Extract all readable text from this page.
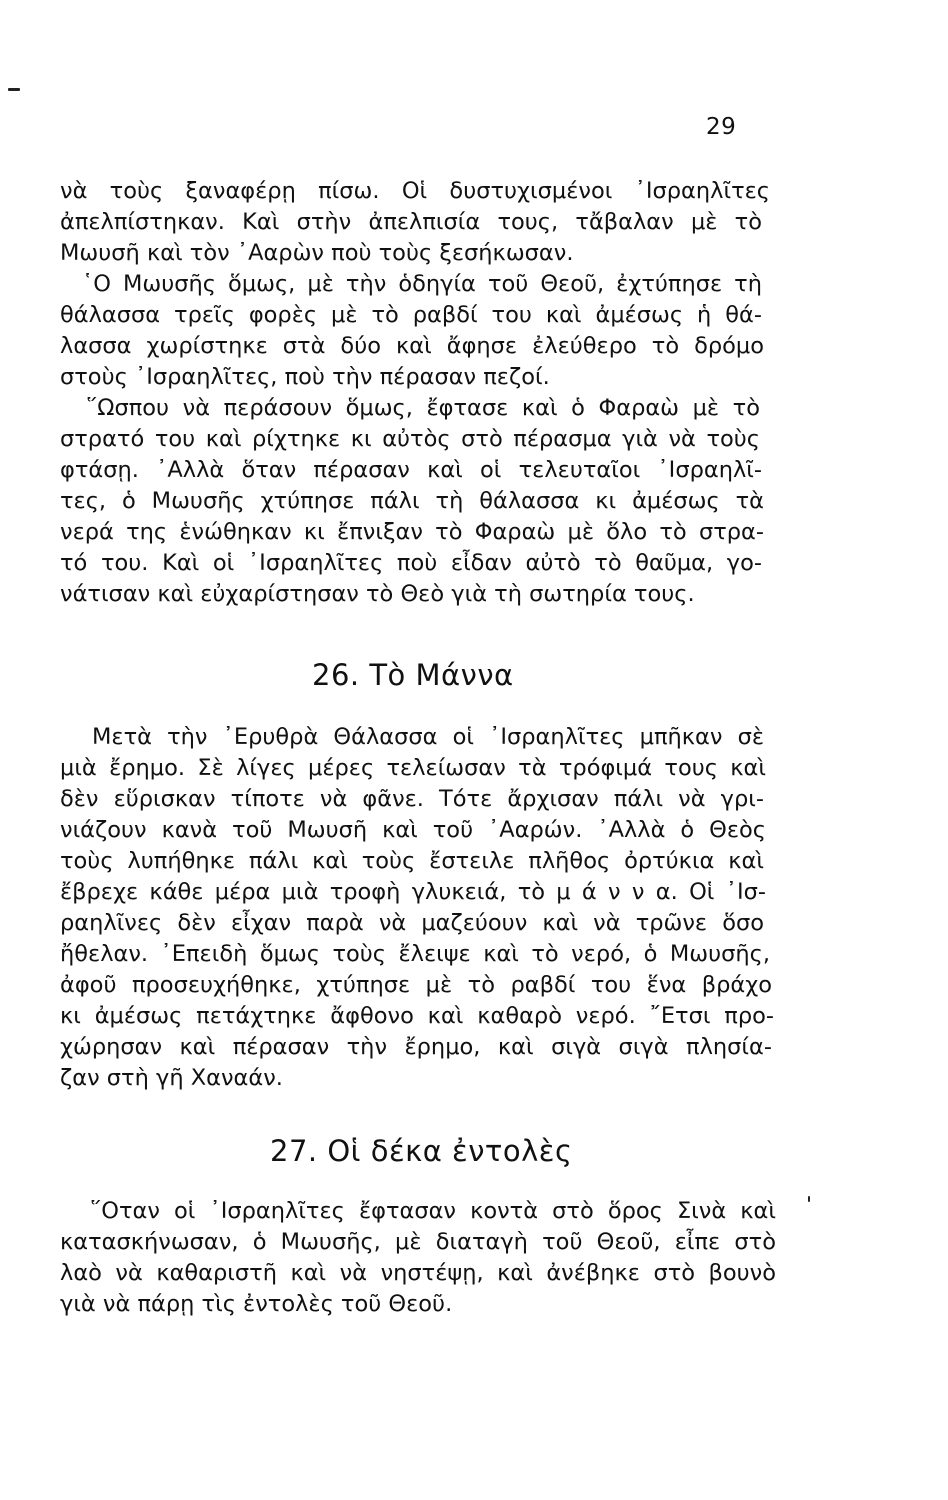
29
νὰ τοὺς ξαναφέρῃ πίσω. Οἱ δυστυχισμένοι ᾿Ισραηλῖτες
ἀπελπίστηκαν. Καὶ στὴν ἀπελπισία τους, τἄβαλαν μὲ τὸ
Μωυσῆ καὶ τὸν ᾿Ααρὼν ποὺ τοὺς ξεσήκωσαν.
῾Ο Μωυσῆς ὅμως, μὲ τὴν ὁδηγία τοῦ Θεοῦ, ἐχτύπησε τὴ
θάλασσα τρεῖς φορὲς μὲ τὸ ραβδί του καὶ ἀμέσως ἡ θά-
λασσα χωρίστηκε στὰ δύο καὶ ἄφησε ἐλεύθερο τὸ δρόμο
στοὺς ᾿Ισραηλῖτες, ποὺ τὴν πέρασαν πεζοί.
῞Ωσπου νὰ περάσουν ὅμως, ἔφτασε καὶ ὁ Φαραὼ μὲ τὸ
στρατό του καὶ ρίχτηκε κι αὐτὸς στὸ πέρασμα γιὰ νὰ τοὺς
φτάσῃ. ᾿Αλλὰ ὅταν πέρασαν καὶ οἱ τελευταῖοι ᾿Ισραηλῖ-
τες, ὁ Μωυσῆς χτύπησε πάλι τὴ θάλασσα κι ἀμέσως τὰ
νερά της ἑνώθηκαν κι ἔπνιξαν τὸ Φαραὼ μὲ ὅλο τὸ στρα-
τό του. Καὶ οἱ ᾿Ισραηλῖτες ποὺ εἶδαν αὐτὸ τὸ θαῦμα, γο-
νάτισαν καὶ εὐχαρίστησαν τὸ Θεὸ γιὰ τὴ σωτηρία τους.
26. Τὸ Μάννα
Μετὰ τὴν ᾿Ερυθρὰ Θάλασσα οἱ ᾿Ισραηλῖτες μπῆκαν σὲ
μιὰ ἔρημο. Σὲ λίγες μέρες τελείωσαν τὰ τρόφιμά τους καὶ
δὲν εὕρισκαν τίποτε νὰ φᾶνε. Τότε ἄρχισαν πάλι νὰ γρι-
νιάζουν κανὰ τοῦ Μωυσῆ καὶ τοῦ ᾿Ααρών. ᾿Αλλὰ ὁ Θεὸς
τοὺς λυπήθηκε πάλι καὶ τοὺς ἔστειλε πλῆθος ὀρτύκια καὶ
ἔβρεχε κάθε μέρα μιὰ τροφὴ γλυκειά, τὸ μ ά ν ν α. Οἱ ᾿Ισ-
ραηλῖνες δὲν εἶχαν παρὰ νὰ μαζεύουν καὶ νὰ τρῶνε ὅσο
ἤθελαν. ᾿Επειδὴ ὅμως τοὺς ἔλειψε καὶ τὸ νερό, ὁ Μωυσῆς,
ἀφοῦ προσευχήθηκε, χτύπησε μὲ τὸ ραβδί του ἕνα βράχο
κι ἀμέσως πετάχτηκε ἄφθονο καὶ καθαρὸ νερό. ῎Ετσι προ-
χώρησαν καὶ πέρασαν τὴν ἔρημο, καὶ σιγὰ σιγὰ πλησία-
ζαν στὴ γῆ Χαναάν.
27. Οἱ δέκα ἐντολὲς
῞Οταν οἱ ᾿Ισραηλῖτες ἔφτασαν κοντὰ στὸ ὅρος Σινὰ καὶ
κατασκήνωσαν, ὁ Μωυσῆς, μὲ διαταγὴ τοῦ Θεοῦ, εἶπε στὸ
λαὸ νὰ καθαριστῆ καὶ νὰ νηστέψῃ, καὶ ἀνέβηκε στὸ βουνὸ
γιὰ νὰ πάρῃ τὶς ἐντολὲς τοῦ Θεοῦ.
